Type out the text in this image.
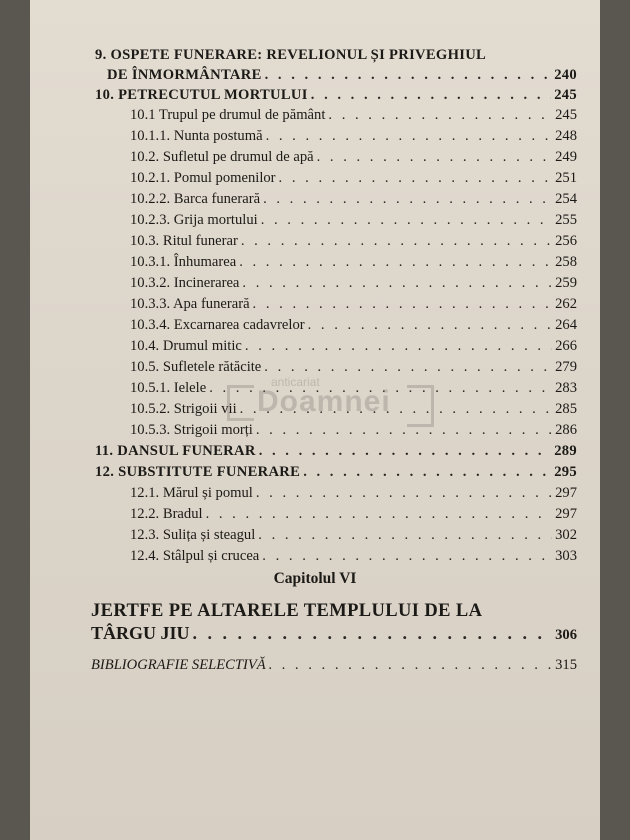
9. OSPETE FUNERARE: REVELIONUL ȘI PRIVEGHIUL
DE ÎNMORMÂNTARE . . .	240
10. PETRECUTUL MORTULUI . . .	245
10.1 Trupul pe drumul de pământ . . .	245
10.1.1. Nunta postumă . . .	248
10.2. Sufletul pe drumul de apă . . .	249
10.2.1. Pomul pomenilor . . .	251
10.2.2. Barca funerară . . .	254
10.2.3. Grija mortului . . .	255
10.3. Ritul funerar . . .	256
10.3.1. Înhumarea . . .	258
10.3.2. Incinerarea . . .	259
10.3.3. Apa funerară . . .	262
10.3.4. Excarnarea cadavrelor . . .	264
10.4. Drumul mitic . . .	266
10.5. Sufletele rătăcite . . .	279
10.5.1. Ielele . . .	283
10.5.2. Strigoii vii . . .	285
10.5.3. Strigoii morți . . .	286
11. DANSUL FUNERAR . . .	289
12. SUBSTITUTE FUNERARE . . .	295
12.1. Mărul și pomul . . .	297
12.2. Bradul . . .	297
12.3. Sulița și steagul . . .	302
12.4. Stâlpul și crucea . . .	303
Capitolul VI
JERTFE PE ALTARELE TEMPLULUI DE LA
TÂRGU JIU . . .	306
BIBLIOGRAFIE SELECTIVĂ . . .	315
anticariat
Doamnei
